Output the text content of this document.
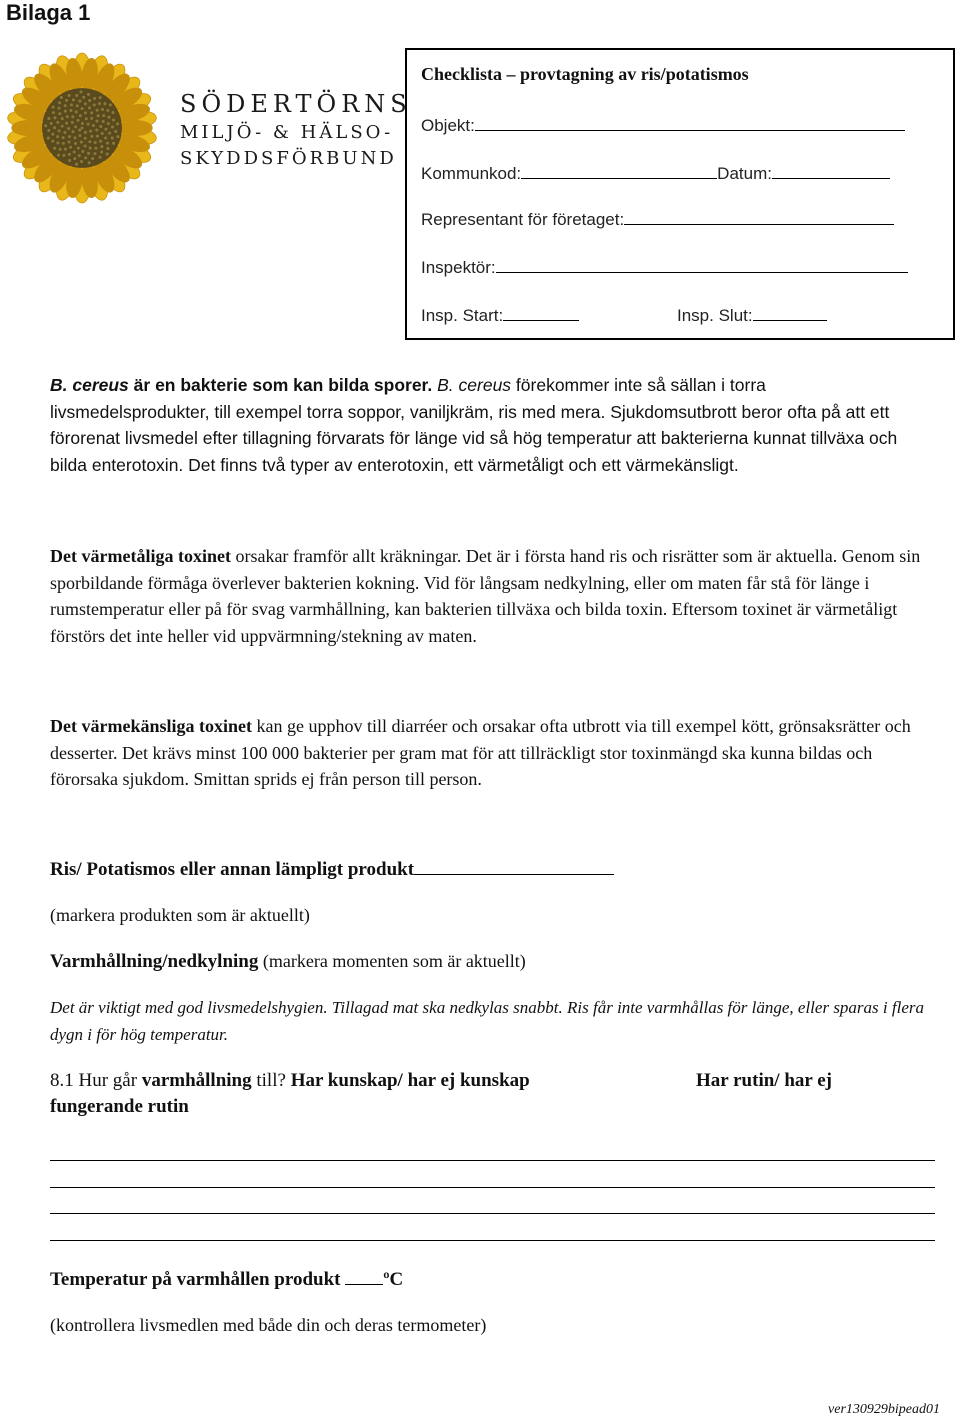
Bilaga 1
SÖDERTÖRNS
MILJÖ- & HÄLSO-
SKYDDSFÖRBUND
Checklista – provtagning av ris/potatismos
Objekt:
Kommunkod:	Datum:
Representant för företaget:
Inspektör:
Insp. Start:	Insp. Slut:
B. cereus är en bakterie som kan bilda sporer. B. cereus förekommer inte så sällan i torra livsmedelsprodukter, till exempel torra soppor, vaniljkräm, ris med mera. Sjukdomsutbrott beror ofta på att ett förorenat livsmedel efter tillagning förvarats för länge vid så hög temperatur att bakterierna kunnat tillväxa och bilda enterotoxin. Det finns två typer av enterotoxin, ett värmetåligt och ett värmekänsligt.
Det värmetåliga toxinet orsakar framför allt kräkningar. Det är i första hand ris och risrätter som är aktuella. Genom sin sporbildande förmåga överlever bakterien kokning. Vid för långsam nedkylning, eller om maten får stå för länge i rumstemperatur eller på för svag varmhållning, kan bakterien tillväxa och bilda toxin. Eftersom toxinet är värmetåligt förstörs det inte heller vid uppvärmning/stekning av maten.
Det värmekänsliga toxinet kan ge upphov till diarréer och orsakar ofta utbrott via till exempel kött, grönsaksrätter och desserter. Det krävs minst 100 000 bakterier per gram mat för att tillräckligt stor toxinmängd ska kunna bildas och förorsaka sjukdom. Smittan sprids ej från person till person.
Ris/ Potatismos eller annan lämpligt produkt
(markera produkten som är aktuellt)
Varmhållning/nedkylning (markera momenten som är aktuellt)
Det är viktigt med god livsmedelshygien. Tillagad mat ska nedkylas snabbt. Ris får inte varmhållas för länge, eller sparas i flera dygn i för hög temperatur.
8.1 Hur går varmhållning till? Har kunskap/ har ej kunskap	Har rutin/ har ej
fungerande rutin
Temperatur på varmhållen produkt ºC
(kontrollera livsmedlen med både din och deras termometer)
ver130929bipead01
